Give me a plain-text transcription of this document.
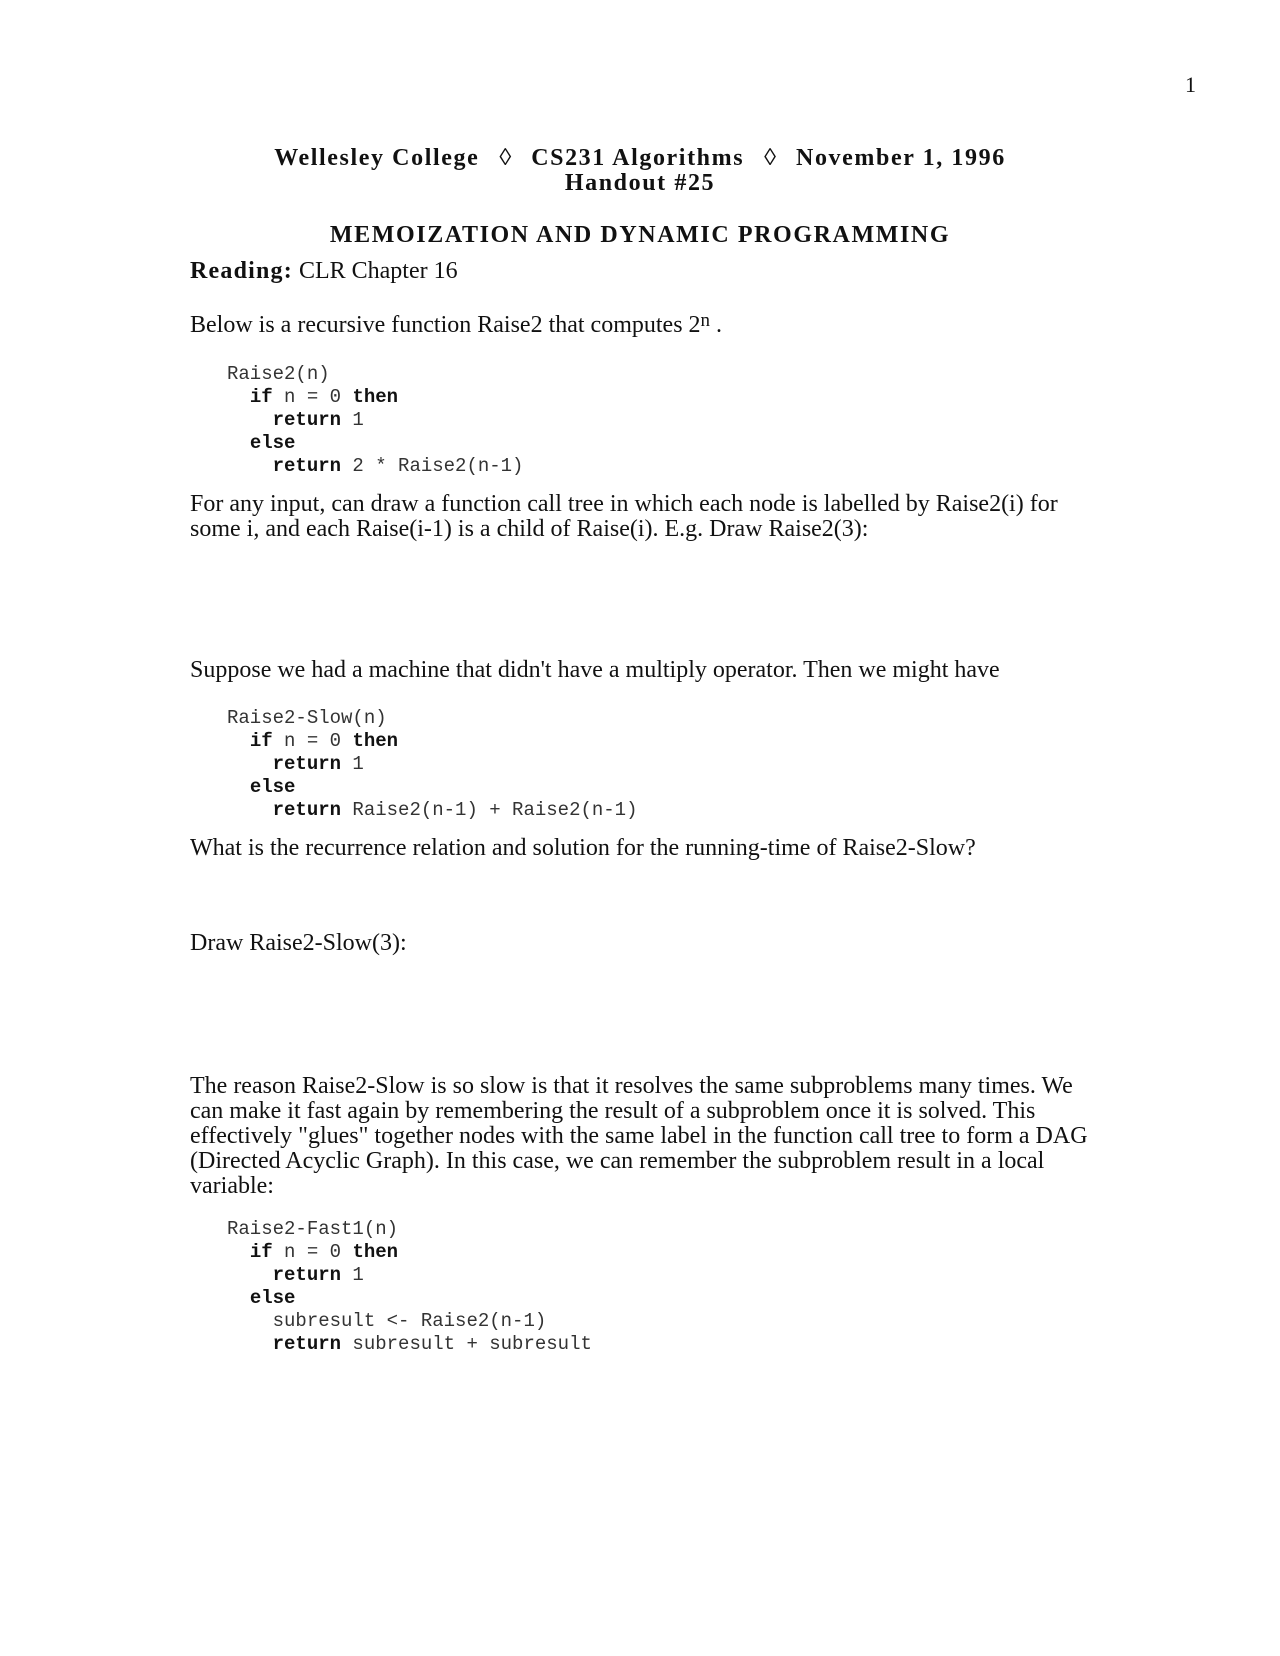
1
Wellesley College ◊ CS231 Algorithms ◊ November 1, 1996
Handout #25
MEMOIZATION AND DYNAMIC PROGRAMMING

Reading: CLR Chapter 16

Below is a recursive function Raise2 that computes 2$^n$ .

Raise2(n)
if n = 0 then
return 1
else
return 2 * Raise2(n-1)

For any input, can draw a function call tree in which each node is labelled by Raise2(i) for some i, and each Raise(i-1) is a child of Raise(i). E.g. Draw Raise2(3):

Suppose we had a machine that didn't have a multiply operator. Then we might have

Raise2-Slow(n)
if n = 0 then
return 1
else
return Raise2(n-1) + Raise2(n-1)

What is the recurrence relation and solution for the running-time of Raise2-Slow?

Draw Raise2-Slow(3):

The reason Raise2-Slow is so slow is that it resolves the same subproblems many times. We can make it fast again by remembering the result of a subproblem once it is solved. This effectively "glues" together nodes with the same label in the function call tree to form a DAG (Directed Acyclic Graph). In this case, we can remember the subproblem result in a local variable:

Raise2-Fast1(n)
if n = 0 then
return 1
else
subresult <- Raise2(n-1)
return subresult + subresult
